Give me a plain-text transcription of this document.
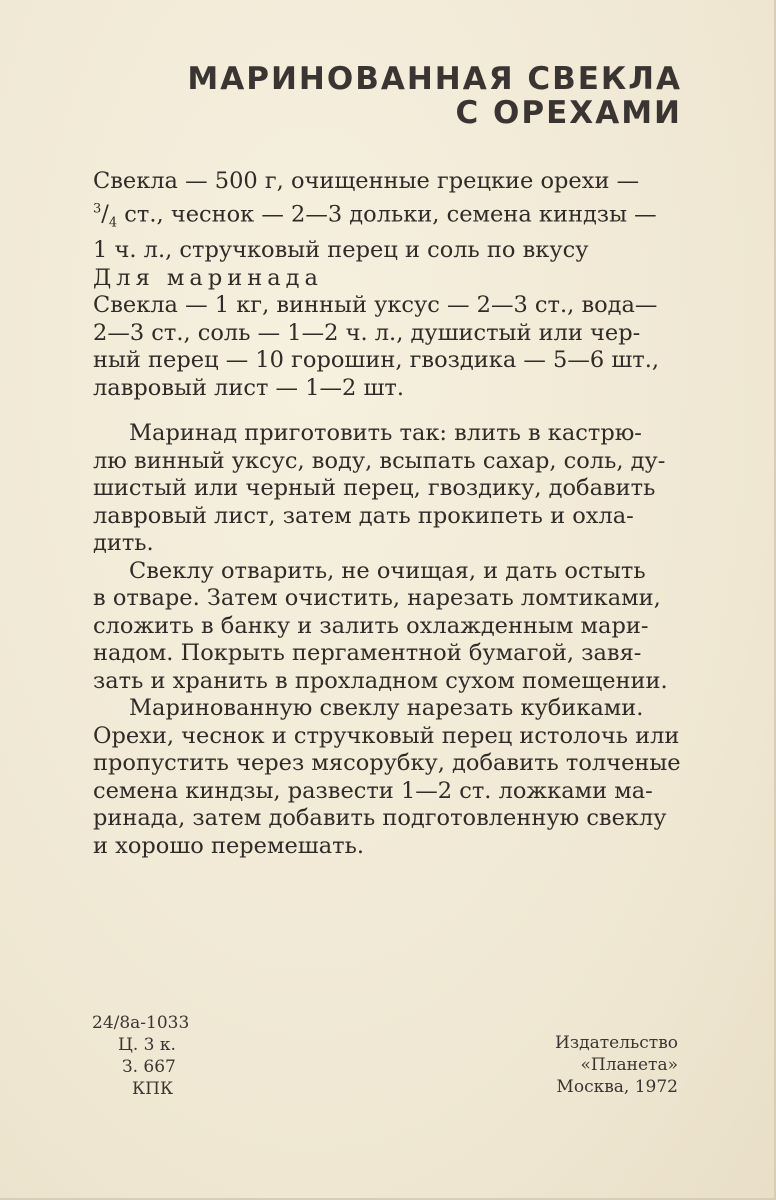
МАРИНОВАННАЯ СВЕКЛА
С ОРЕХАМИ
Свекла — 500 г, очищенные грецкие орехи —
$^3/_4$ ст., чеснок — 2—3 дольки, семена киндзы —
1 ч. л., стручковый перец и соль по вкусу
Для маринада
Свекла — 1 кг, винный уксус — 2—3 ст., вода—
2—3 ст., соль — 1—2 ч. л., душистый или чер-
ный перец — 10 горошин, гвоздика — 5—6 шт.,
лавровый лист — 1—2 шт.
Маринад приготовить так: влить в кастрю-
лю винный уксус, воду, всыпать сахар, соль, ду-
шистый или черный перец, гвоздику, добавить
лавровый лист, затем дать прокипеть и охла-
дить.
Свеклу отварить, не очищая, и дать остыть
в отваре. Затем очистить, нарезать ломтиками,
сложить в банку и залить охлажденным мари-
надом. Покрыть пергаментной бумагой, завя-
зать и хранить в прохладном сухом помещении.
Маринованную свеклу нарезать кубиками.
Орехи, чеснок и стручковый перец истолочь или
пропустить через мясорубку, добавить толченые
семена киндзы, развести 1—2 ст. ложками ма-
ринада, затем добавить подготовленную свеклу
и хорошо перемешать.
24/8а-1033
Ц. 3 к.
З. 667
КПК
Издательство
«Планета»
Москва, 1972
